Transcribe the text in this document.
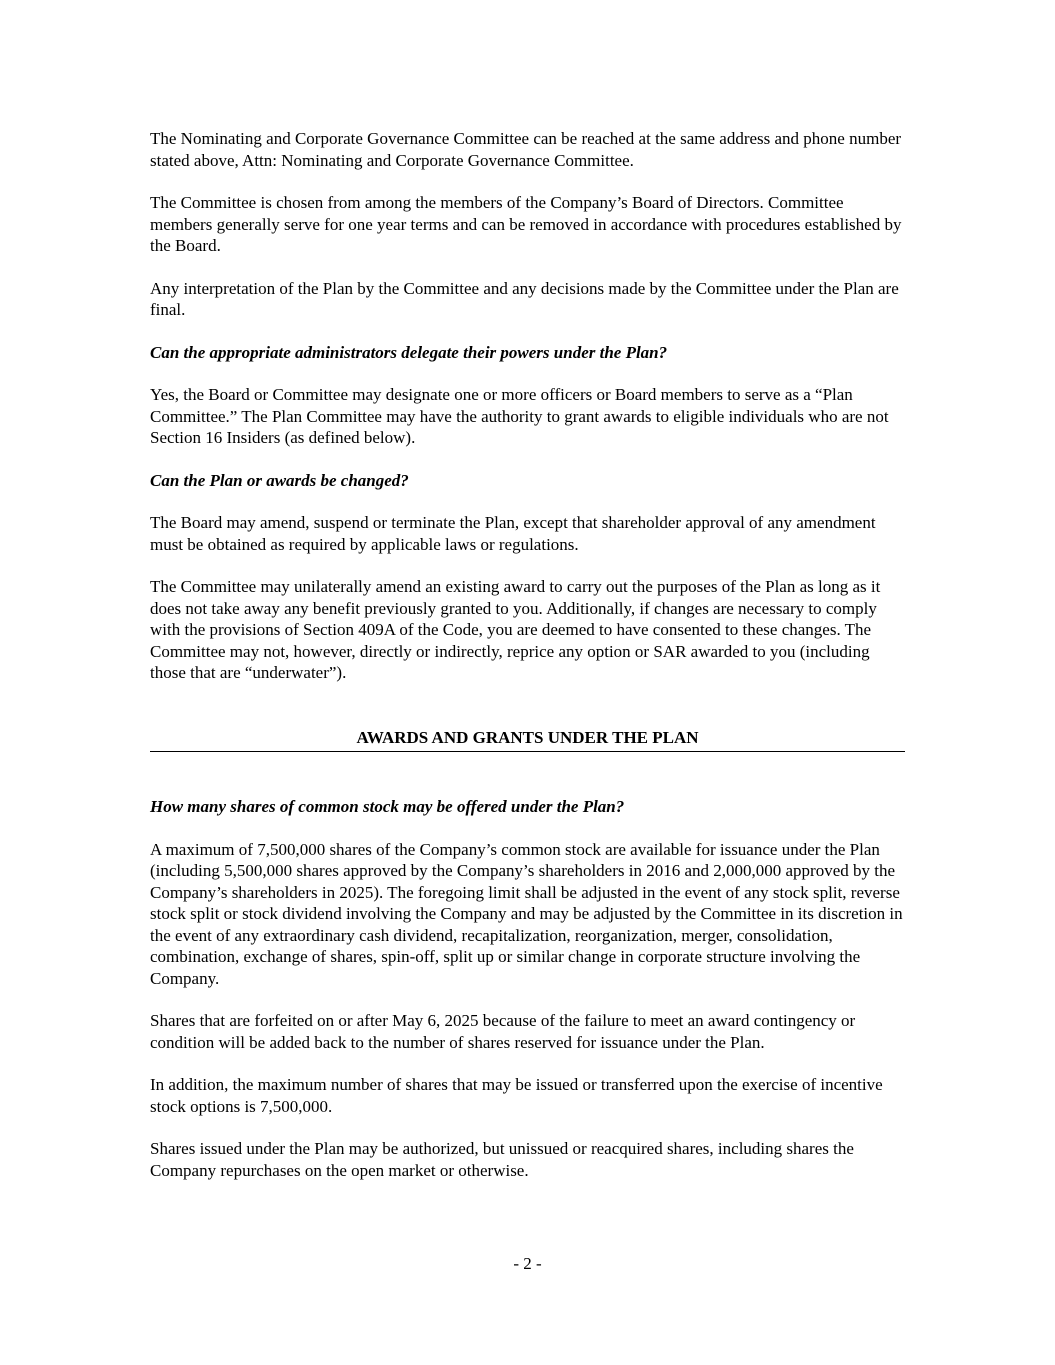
The Nominating and Corporate Governance Committee can be reached at the same address and phone number stated above, Attn: Nominating and Corporate Governance Committee.

The Committee is chosen from among the members of the Company’s Board of Directors. Committee members generally serve for one year terms and can be removed in accordance with procedures established by the Board.

Any interpretation of the Plan by the Committee and any decisions made by the Committee under the Plan are final.

Can the appropriate administrators delegate their powers under the Plan?

Yes, the Board or Committee may designate one or more officers or Board members to serve as a “Plan Committee.” The Plan Committee may have the authority to grant awards to eligible individuals who are not Section 16 Insiders (as defined below).

Can the Plan or awards be changed?

The Board may amend, suspend or terminate the Plan, except that shareholder approval of any amendment must be obtained as required by applicable laws or regulations.

The Committee may unilaterally amend an existing award to carry out the purposes of the Plan as long as it does not take away any benefit previously granted to you. Additionally, if changes are necessary to comply with the provisions of Section 409A of the Code, you are deemed to have consented to these changes. The Committee may not, however, directly or indirectly, reprice any option or SAR awarded to you (including those that are “underwater”).

AWARDS AND GRANTS UNDER THE PLAN
How many shares of common stock may be offered under the Plan?

A maximum of 7,500,000 shares of the Company’s common stock are available for issuance under the Plan (including 5,500,000 shares approved by the Company’s shareholders in 2016 and 2,000,000 approved by the Company’s shareholders in 2025). The foregoing limit shall be adjusted in the event of any stock split, reverse stock split or stock dividend involving the Company and may be adjusted by the Committee in its discretion in the event of any extraordinary cash dividend, recapitalization, reorganization, merger, consolidation, combination, exchange of shares, spin-off, split up or similar change in corporate structure involving the Company.

Shares that are forfeited on or after May 6, 2025 because of the failure to meet an award contingency or condition will be added back to the number of shares reserved for issuance under the Plan.

In addition, the maximum number of shares that may be issued or transferred upon the exercise of incentive stock options is 7,500,000.

Shares issued under the Plan may be authorized, but unissued or reacquired shares, including shares the Company repurchases on the open market or otherwise.

- 2 -
